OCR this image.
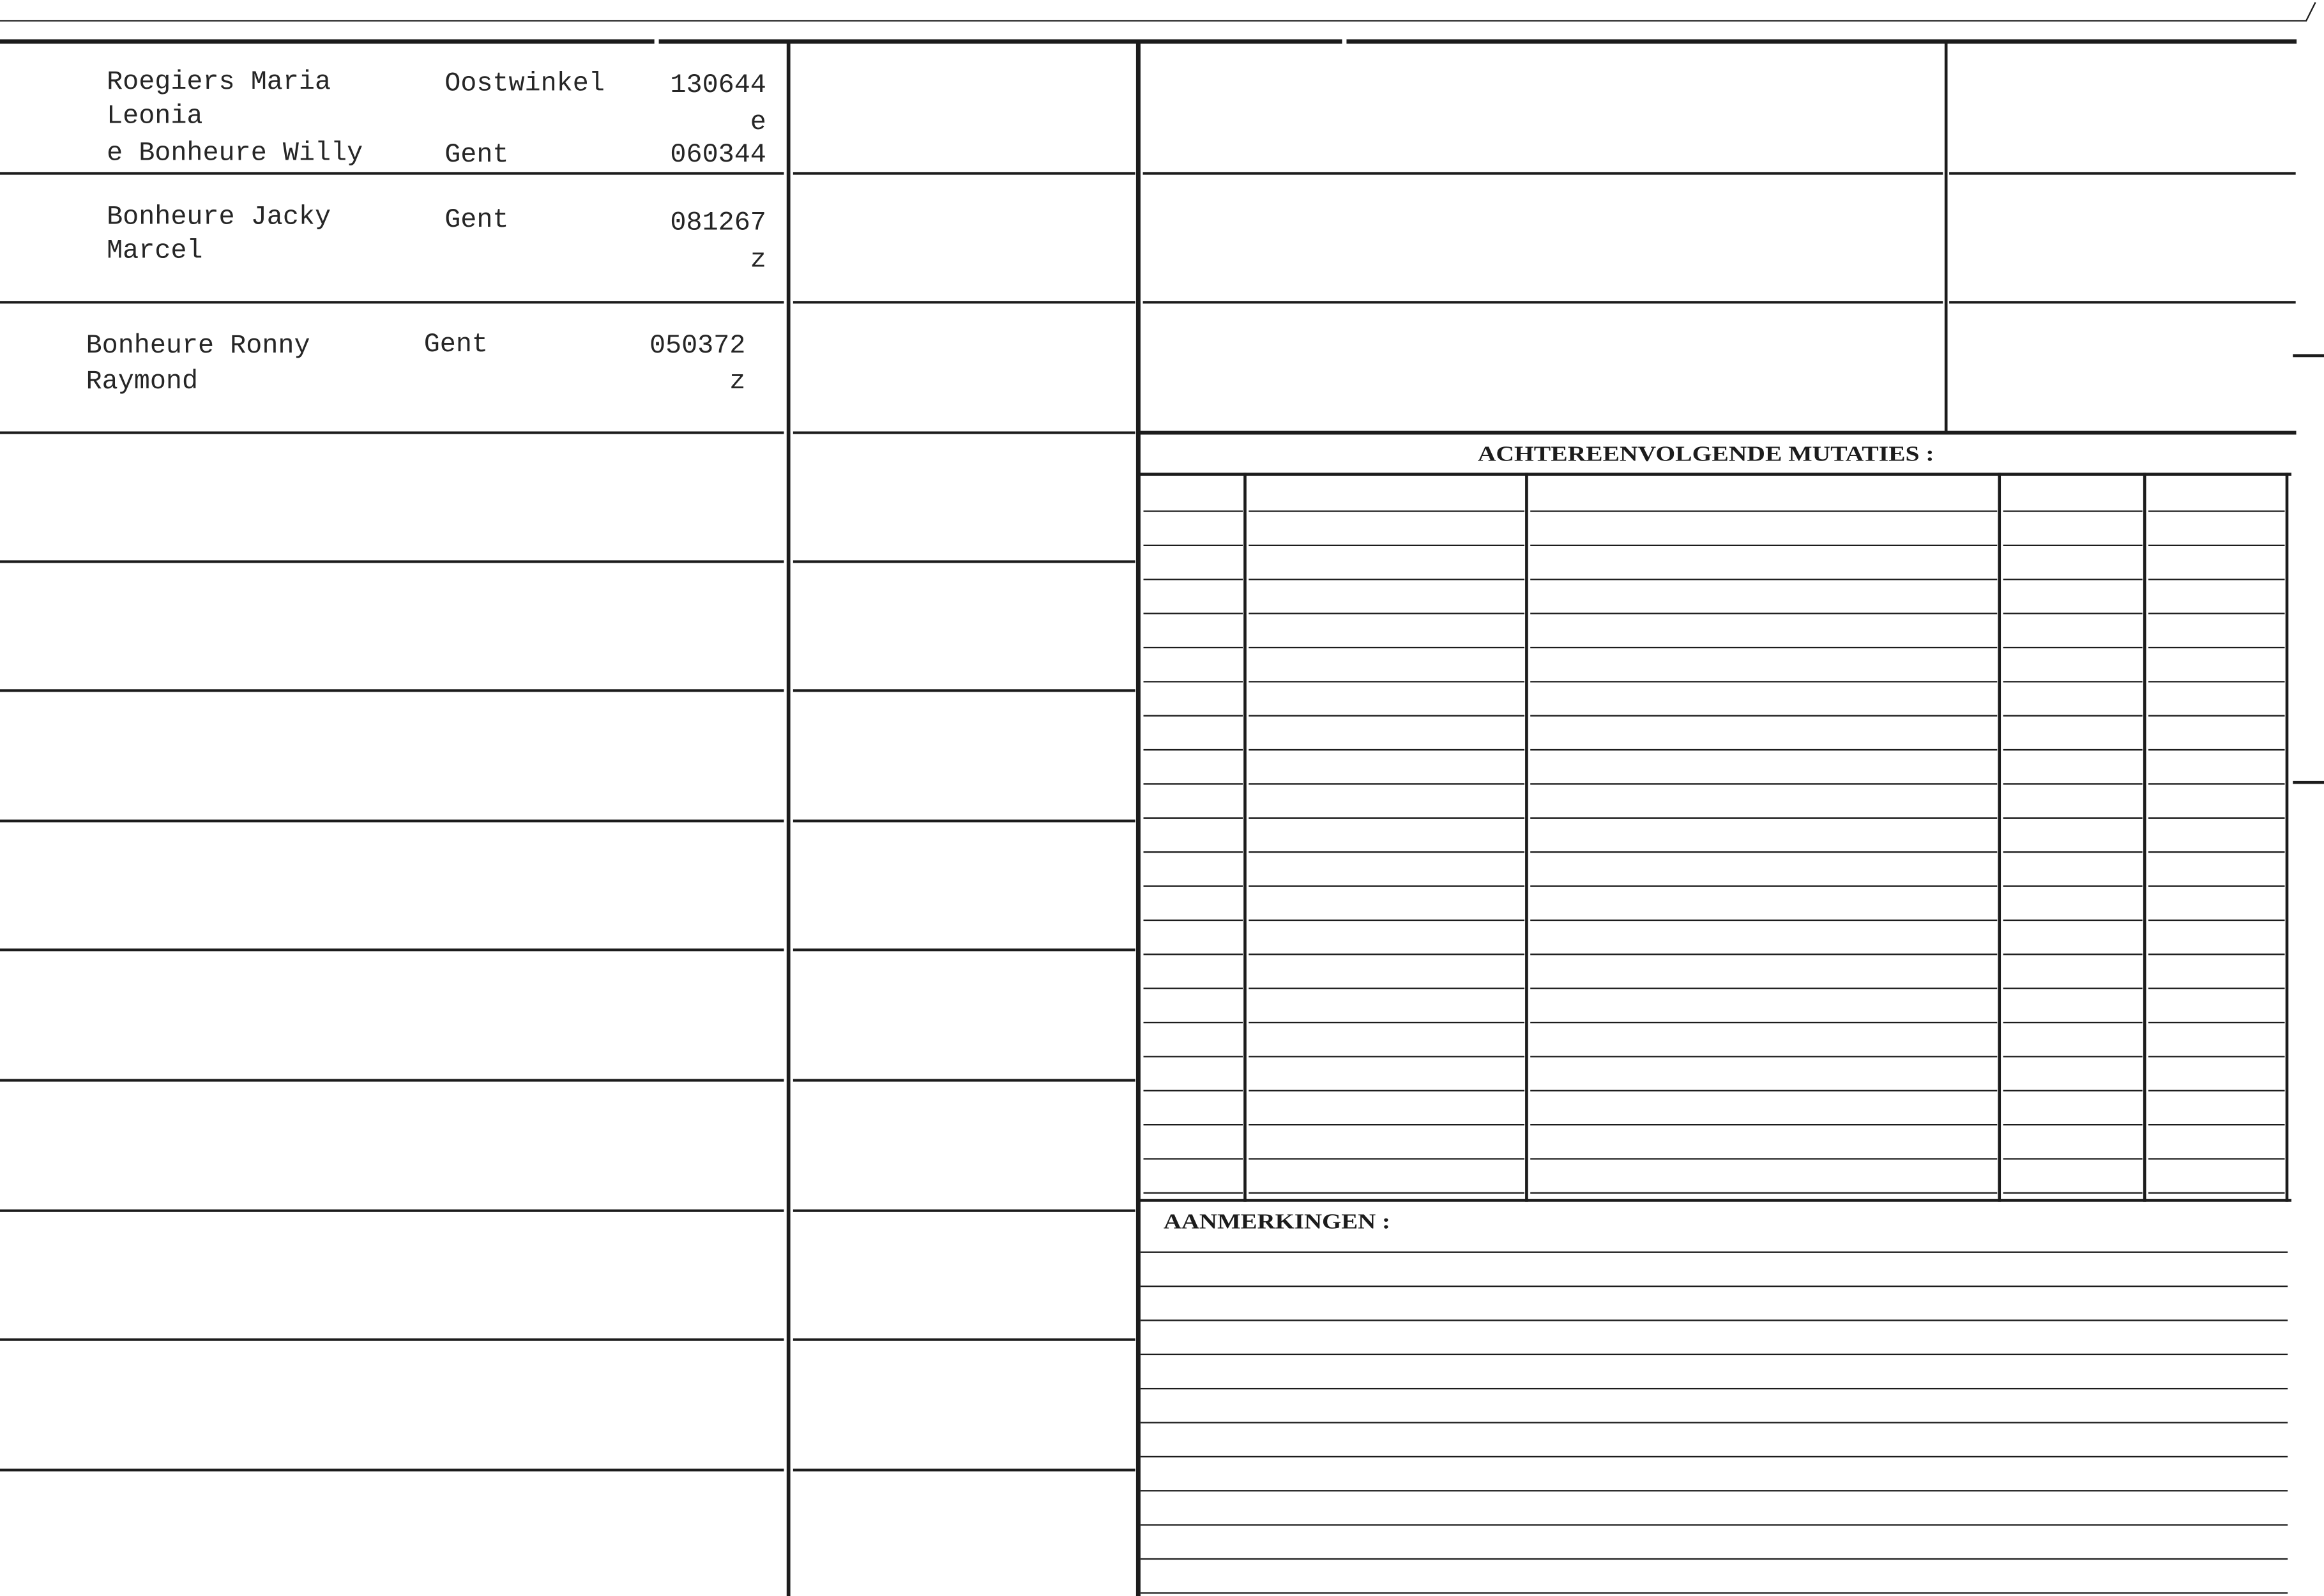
Roegiers Maria
Leonia
e Bonheure Willy
Oostwinkel
Gent
130644
e
060344
Bonheure Jacky
Marcel
Gent	081267
z
Bonheure Ronny
Raymond
Gent	050372
z
ACHTEREENVOLGENDE MUTATIES :
AANMERKINGEN :
